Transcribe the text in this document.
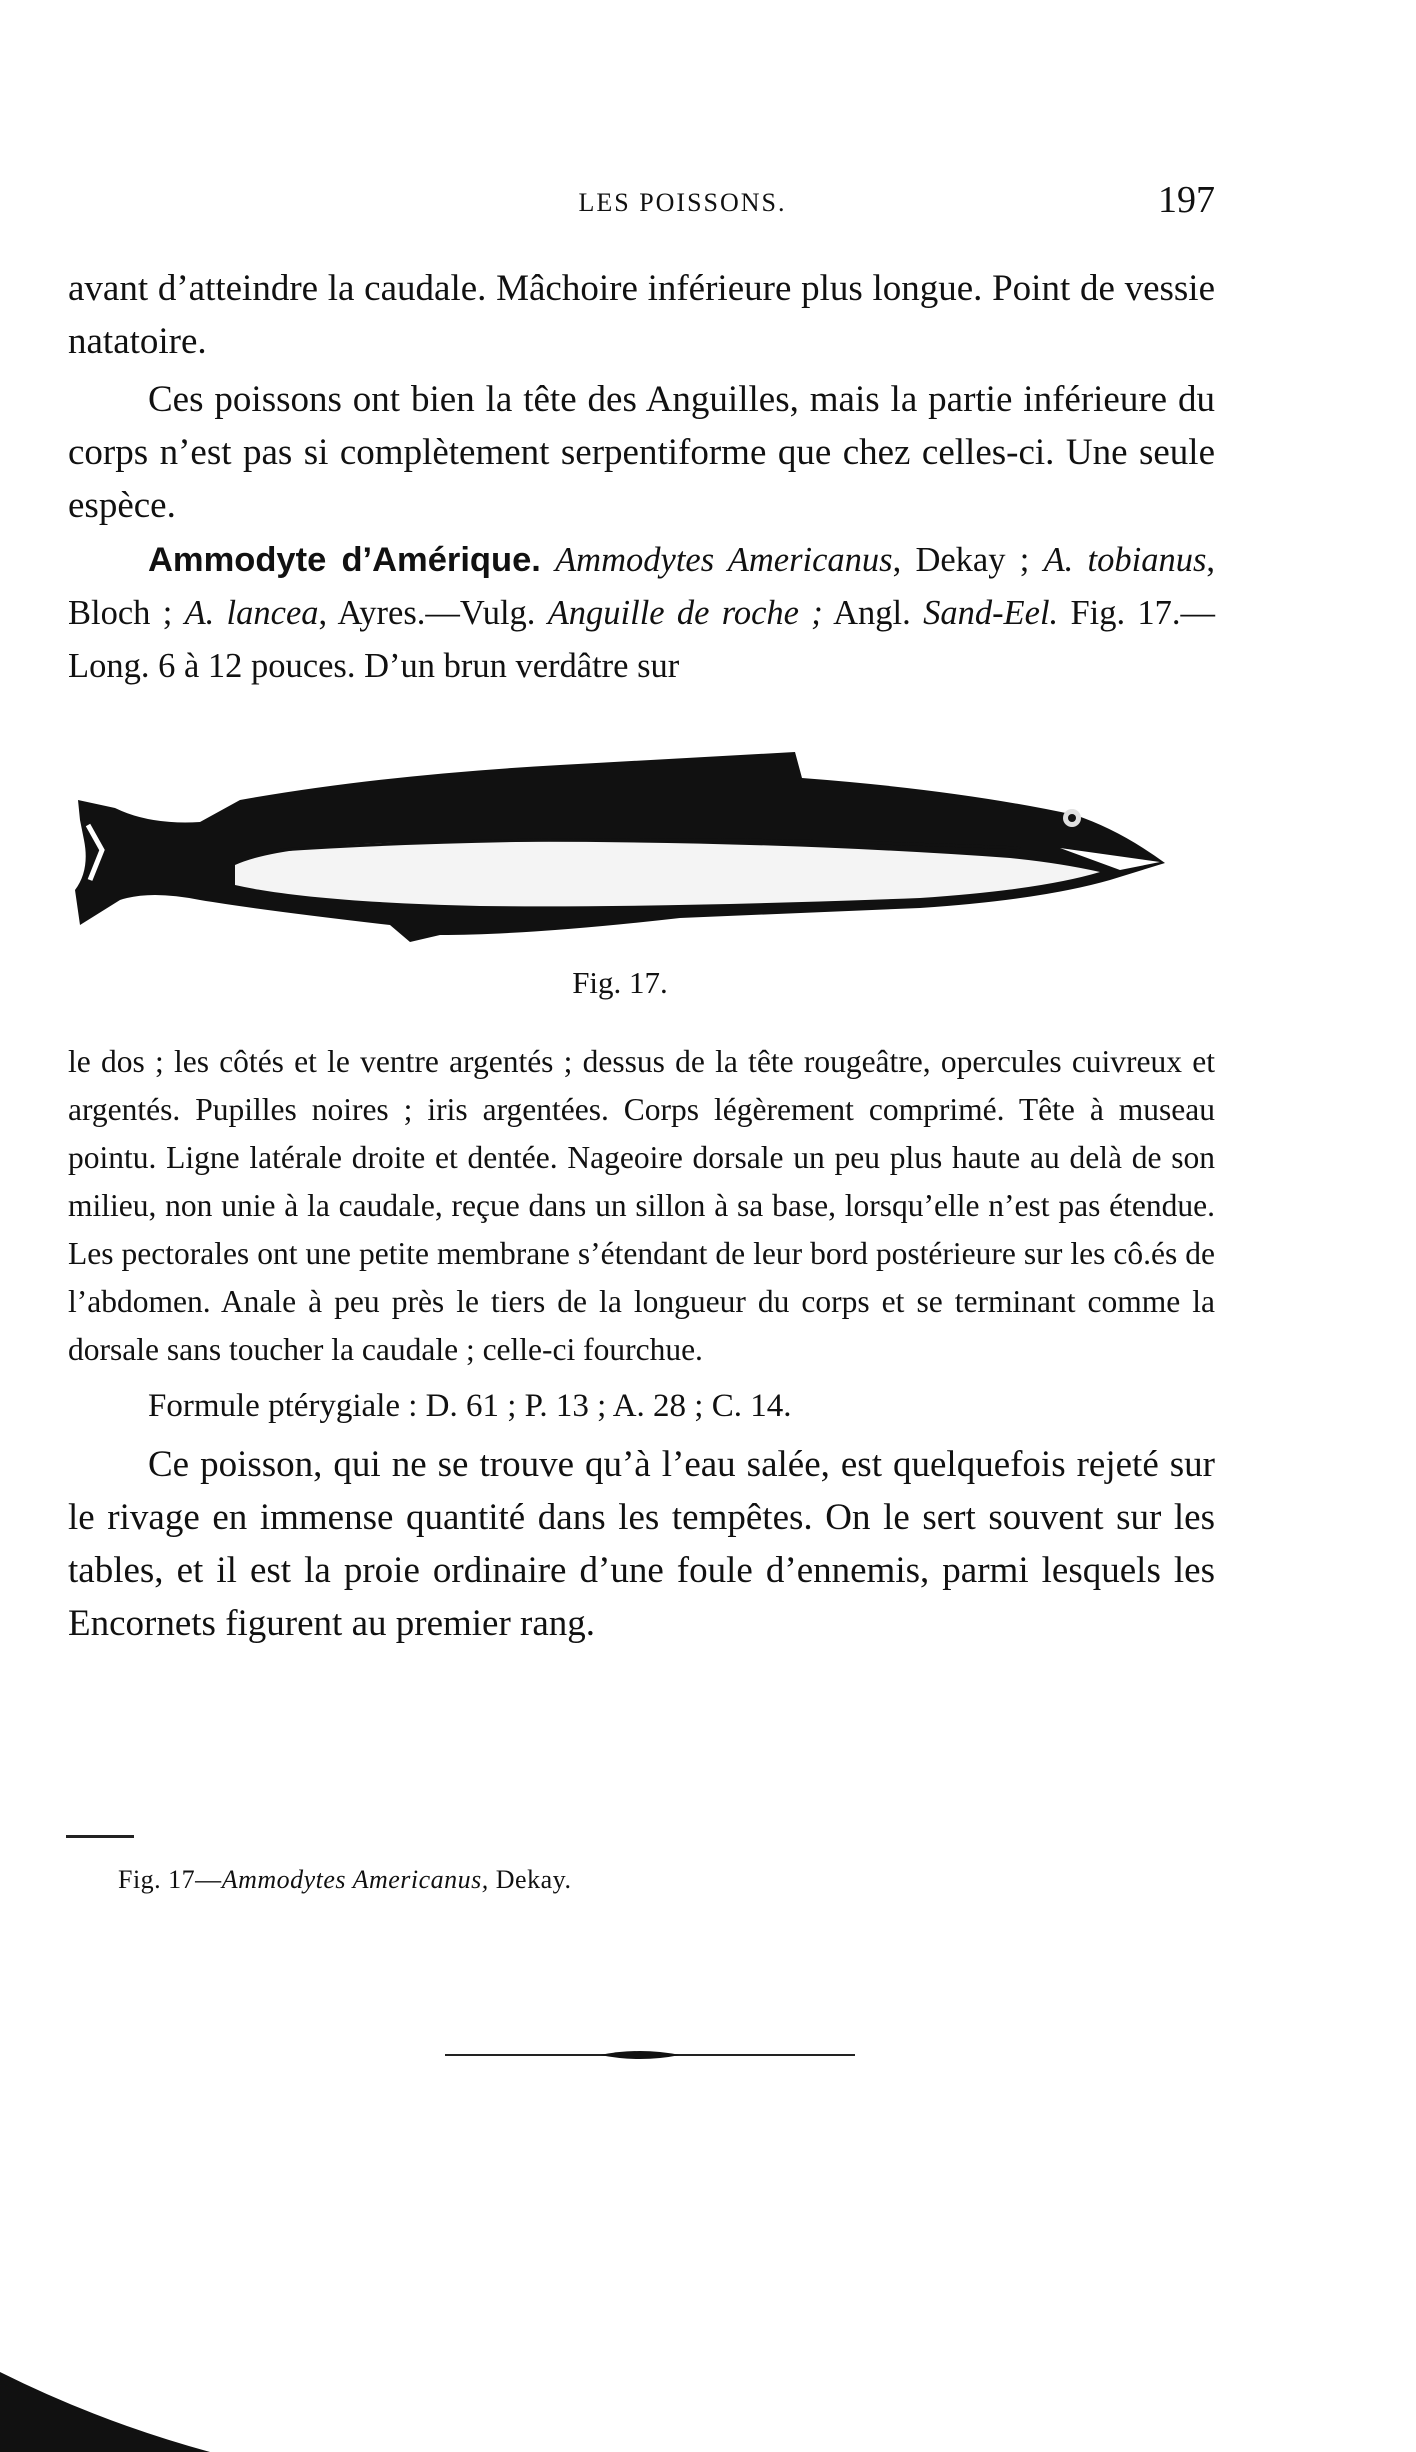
LES POISSONS.	197

avant d’atteindre la caudale. Mâchoire inférieure plus longue. Point de vessie natatoire.

Ces poissons ont bien la tête des Anguilles, mais la partie inférieure du corps n’est pas si complètement serpentiforme que chez celles-ci. Une seule espèce.

Ammodyte d’Amérique. Ammodytes Americanus, Dekay ; A. tobianus, Bloch ; A. lancea, Ayres.—Vulg. Anguille de roche ; Angl. Sand-Eel. Fig. 17.—Long. 6 à 12 pouces. D’un brun verdâtre sur

Fig. 17.

le dos ; les côtés et le ventre argentés ; dessus de la tête rougeâtre, opercules cuivreux et argentés. Pupilles noires ; iris argentées. Corps légèrement comprimé. Tête à museau pointu. Ligne latérale droite et dentée. Nageoire dorsale un peu plus haute au delà de son milieu, non unie à la caudale, reçue dans un sillon à sa base, lorsqu’elle n’est pas étendue. Les pectorales ont une petite membrane s’étendant de leur bord postérieure sur les cô.és de l’abdomen. Anale à peu près le tiers de la longueur du corps et se terminant comme la dorsale sans toucher la caudale ; celle-ci fourchue.

Formule ptérygiale : D. 61 ; P. 13 ; A. 28 ; C. 14.

Ce poisson, qui ne se trouve qu’à l’eau salée, est quelquefois rejeté sur le rivage en immense quantité dans les tempêtes. On le sert souvent sur les tables, et il est la proie ordinaire d’une foule d’ennemis, parmi lesquels les Encornets figurent au premier rang.

Fig. 17—Ammodytes Americanus, Dekay.
